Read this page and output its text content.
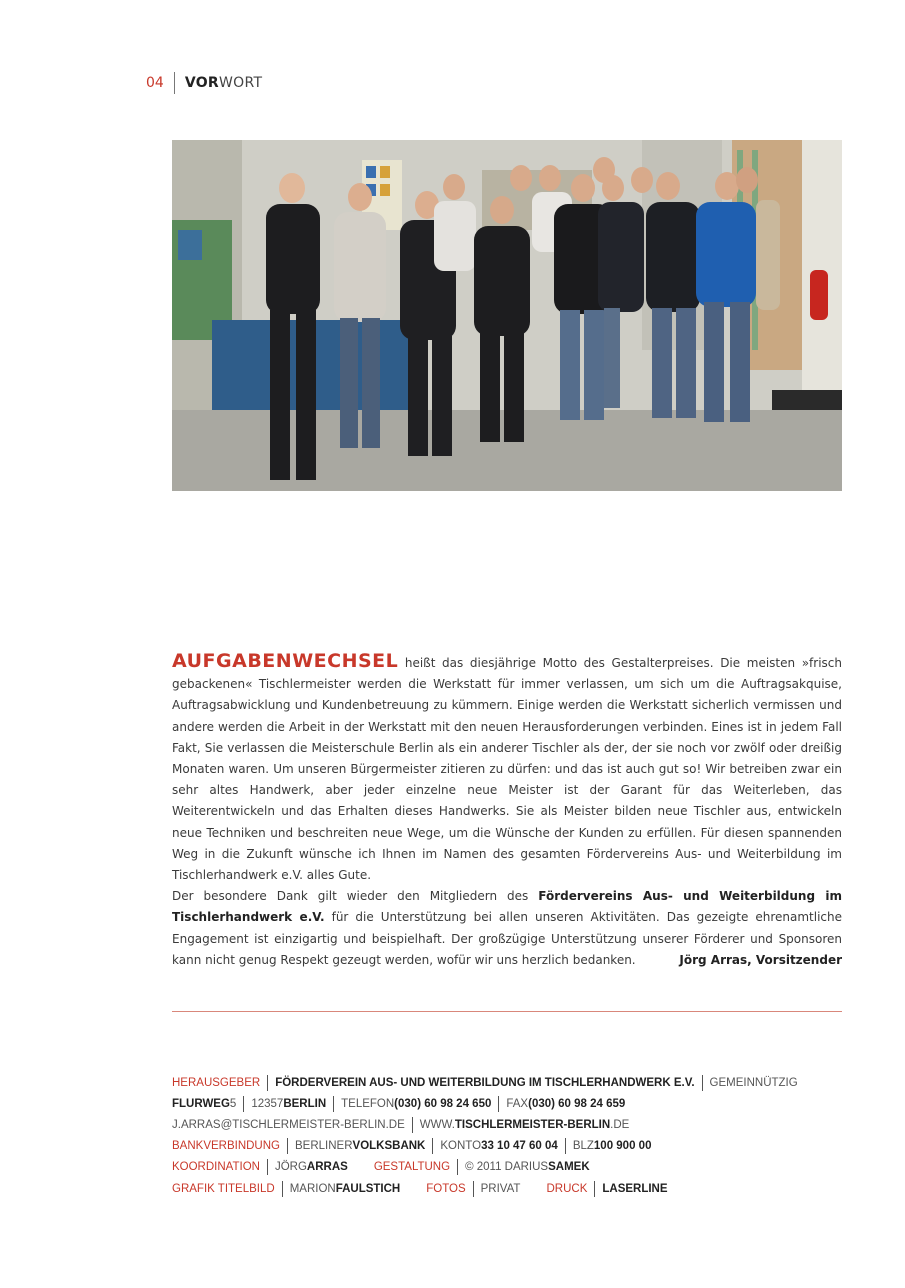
04 VORWORT

AUFGABENWECHSEL heißt das diesjährige Motto des Gestalterpreises. Die meisten »frisch gebackenen« Tischlermeister werden die Werkstatt für immer verlassen, um sich um die Auftragsakquise, Auftragsabwicklung und Kundenbetreuung zu kümmern. Einige werden die Werkstatt sicherlich vermissen und andere werden die Arbeit in der Werkstatt mit den neuen Herausforderungen verbinden. Eines ist in jedem Fall Fakt, Sie verlassen die Meisterschule Berlin als ein anderer Tischler als der, der sie noch vor zwölf oder dreißig Monaten waren. Um unseren Bürgermeister zitieren zu dürfen: und das ist auch gut so! Wir betreiben zwar ein sehr altes Handwerk, aber jeder einzelne neue Meister ist der Garant für das Weiterleben, das Weiterentwickeln und das Erhalten dieses Handwerks. Sie als Meister bilden neue Tischler aus, entwickeln neue Techniken und beschreiten neue Wege, um die Wünsche der Kunden zu erfüllen. Für diesen spannenden Weg in die Zukunft wünsche ich Ihnen im Namen des gesamten Fördervereins Aus- und Weiterbildung im Tischlerhandwerk e.V. alles Gute.

Der besondere Dank gilt wieder den Mitgliedern des Fördervereins Aus- und Weiterbildung im Tischlerhandwerk e.V. für die Unterstützung bei allen unseren Aktivitäten. Das gezeigte ehrenamtliche Engagement ist einzigartig und beispielhaft. Der großzügige Unterstützung unserer Förderer und Sponsoren kann nicht genug Respekt gezeugt werden, wofür wir uns herzlich bedanken.	Jörg Arras, Vorsitzender
HERAUSGEBER FÖRDERVEREIN AUS- UND WEITERBILDUNG IM TISCHLERHANDWERK E.V. GEMEINNÜTZIG
FLURWEG 5 12357 BERLIN TELEFON (030) 60 98 24 650 FAX (030) 60 98 24 659
J.ARRAS@TISCHLERMEISTER-BERLIN.DE WWW.TISCHLERMEISTER-BERLIN.DE
BANKVERBINDUNG BERLINER VOLKSBANK KONTO 33 10 47 60 04 BLZ 100 900 00
KOORDINATION JÖRG ARRAS GESTALTUNG © 2011 DARIUS SAMEK
GRAFIK TITELBILD MARION FAULSTICH FOTOS PRIVAT DRUCK LASERLINE
